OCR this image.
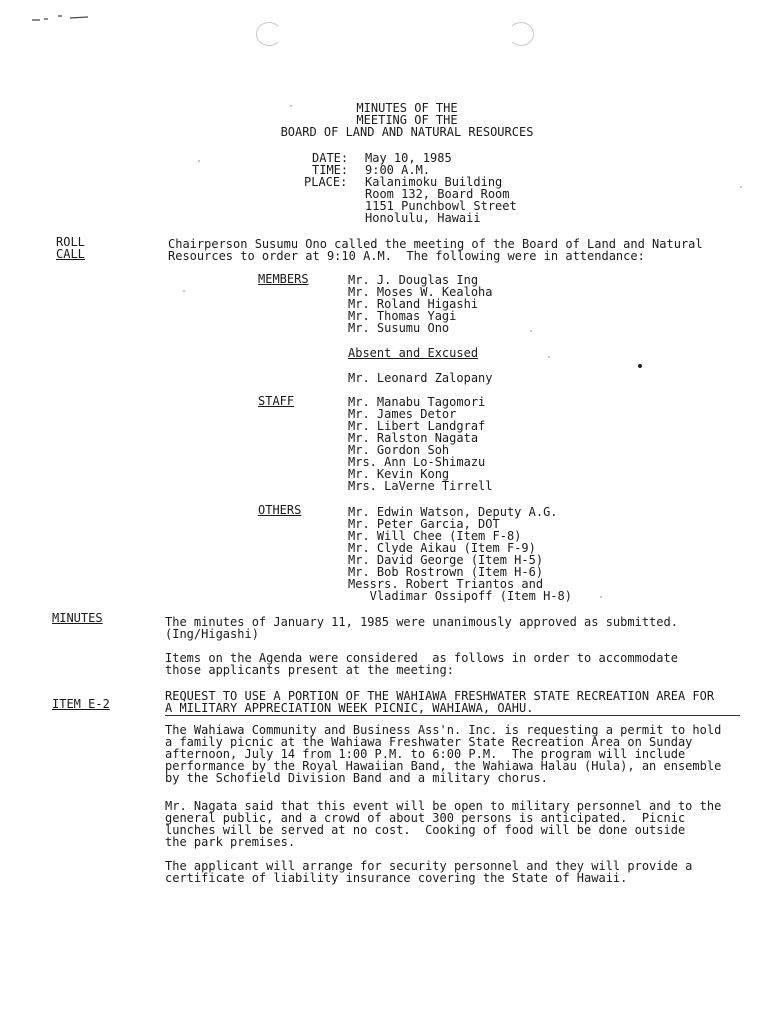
MINUTES OF THE
MEETING OF THE
BOARD OF LAND AND NATURAL RESOURCES
DATE: May 10, 1985
TIME: 9:00 A.M.
PLACE: Kalanimoku Building
Room 132, Board Room
1151 Punchbowl Street
Honolulu, Hawaii
ROLL
CALL
Chairperson Susumu Ono called the meeting of the Board of Land and Natural
Resources to order at 9:10 A.M.  The following were in attendance:
MEMBERS	Mr. J. Douglas Ing
Mr. Moses W. Kealoha
Mr. Roland Higashi
Mr. Thomas Yagi
Mr. Susumu Ono
Absent and Excused
Mr. Leonard Zalopany
STAFF	Mr. Manabu Tagomori
Mr. James Detor
Mr. Libert Landgraf
Mr. Ralston Nagata
Mr. Gordon Soh
Mrs. Ann Lo-Shimazu
Mr. Kevin Kong
Mrs. LaVerne Tirrell
OTHERS	Mr. Edwin Watson, Deputy A.G.
Mr. Peter Garcia, DOT
Mr. Will Chee (Item F-8)
Mr. Clyde Aikau (Item F-9)
Mr. David George (Item H-5)
Mr. Bob Rostrown (Item H-6)
Messrs. Robert Triantos and
Vladimar Ossipoff (Item H-8)
MINUTES	The minutes of January 11, 1985 were unanimously approved as submitted.
(Ing/Higashi)
Items on the Agenda were considered  as follows in order to accommodate
those applicants present at the meeting:
ITEM E-2
REQUEST TO USE A PORTION OF THE WAHIAWA FRESHWATER STATE RECREATION AREA FOR
A MILITARY APPRECIATION WEEK PICNIC, WAHIAWA, OAHU.
The Wahiawa Community and Business Ass'n. Inc. is requesting a permit to hold
a family picnic at the Wahiawa Freshwater State Recreation Area on Sunday
afternoon, July 14 from 1:00 P.M. to 6:00 P.M.  The program will include
performance by the Royal Hawaiian Band, the Wahiawa Halau (Hula), an ensemble
by the Schofield Division Band and a military chorus.
Mr. Nagata said that this event will be open to military personnel and to the
general public, and a crowd of about 300 persons is anticipated.  Picnic
lunches will be served at no cost.  Cooking of food will be done outside
the park premises.
The applicant will arrange for security personnel and they will provide a
certificate of liability insurance covering the State of Hawaii.
